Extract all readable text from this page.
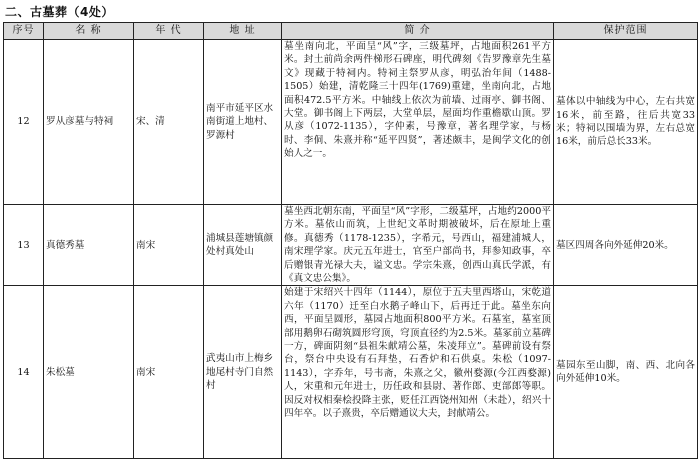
二、古墓葬（4处）
序号	名 称	年 代	地 址	简 介	保护范围
12	罗从彦墓与特祠	宋、清	南平市延平区水南街道上地村、罗源村	墓坐南向北，平面呈“风”字，三级墓坪，占地面积261平方米。封土前尚余两件梯形石碑座，明代碑刻《告罗豫章先生墓文》现藏于特祠内。特祠主祭罗从彦，明弘治年间（1488-1505）始建，清乾隆三十四年(1769)重建，坐南向北，占地面积472.5平方米。中轴线上依次为前墙、过雨亭、御书阁、大堂。御书阁上下两层，大堂单层，屋面均作重檐歇山顶。罗从彦（1072-1135），字仲素，号豫章，著名理学家，与杨时、李侗、朱熹并称“延平四贤”，著述颇丰，是闽学文化的创始人之一。	墓体以中轴线为中心，左右共宽16米，前至路，往后共宽33米；特祠以围墙为界，左右总宽16米，前后总长33米。
13	真德秀墓	南宋	浦城县莲塘镇颜处村真处山	墓坐西北朝东南，平面呈“风”字形，二级墓坪，占地约2000平方米。墓依山而筑，上世纪文革时期被破坏，后在原址上重修。真德秀（1178-1235），字希元，号西山，福建浦城人，南宋理学家。庆元五年进士，官至户部尚书，拜参知政事，卒后赠银青光禄大夫，谥文忠。学宗朱熹，创西山真氏学派，有《真文忠公集》。	墓区四周各向外延伸20米。
14	朱松墓	南宋	武夷山市上梅乡地尾村寺门自然村	始建于宋绍兴十四年（1144），原位于五夫里西塔山，宋乾道六年（1170）迁至白水鹅子峰山下，后再迁于此。墓坐东向西，平面呈圆形，墓园占地面积800平方米。石墓室，墓室顶部用鹅卵石砌筑圆形穹顶，穹顶直径约为2.5米。墓冢前立墓碑一方，碑面阴刻“县祖朱献靖公墓，朱凌拜立”。墓碑前设有祭台，祭台中央设有石拜垫，石香炉和石供桌。朱松（1097-1143），字乔年，号韦斋，朱熹之父，徽州婺源(今江西婺源)人，宋重和元年进士，历任政和县尉、著作郎、吏部郎等职。因反对权相秦桧投降主张，贬任江西饶州知州（未赴），绍兴十四年卒。以子熹贵，卒后赠通议大夫，封献靖公。	墓园东至山脚，南、西、北向各向外延伸10米。
